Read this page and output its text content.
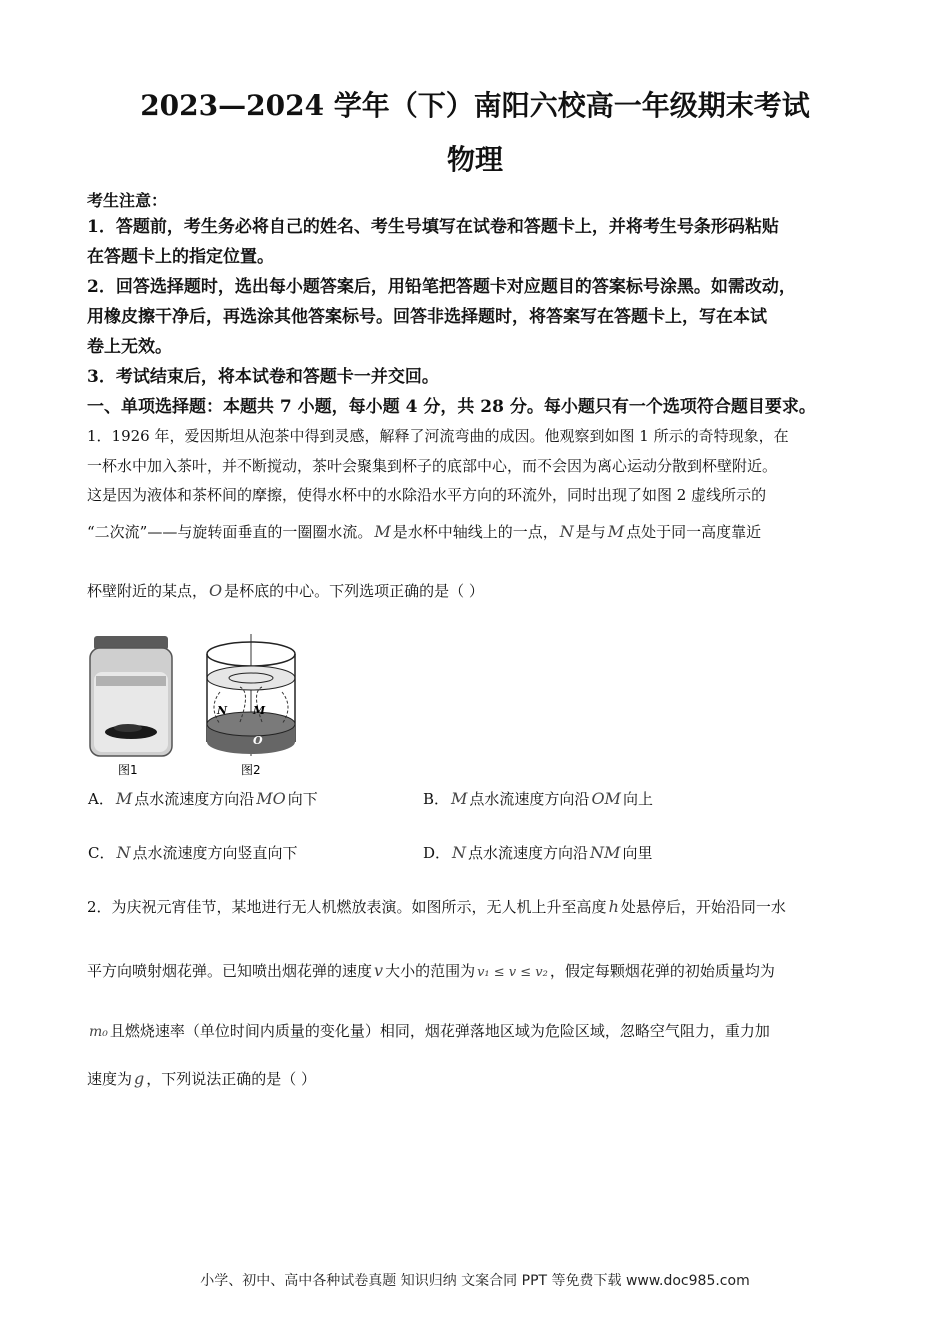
2023—2024 学年（下）南阳六校高一年级期末考试
物理
考生注意：
1．答题前，考生务必将自己的姓名、考生号填写在试卷和答题卡上，并将考生号条形码粘贴
在答题卡上的指定位置。
2．回答选择题时，选出每小题答案后，用铅笔把答题卡对应题目的答案标号涂黑。如需改动，
用橡皮擦干净后，再选涂其他答案标号。回答非选择题时，将答案写在答题卡上，写在本试
卷上无效。
3．考试结束后，将本试卷和答题卡一并交回。
一、单项选择题：本题共 7 小题，每小题 4 分，共 28 分。每小题只有一个选项符合题目要求。
1．1926 年，爱因斯坦从泡茶中得到灵感，解释了河流弯曲的成因。他观察到如图 1 所示的奇特现象，在
一杯水中加入茶叶，并不断搅动，茶叶会聚集到杯子的底部中心，而不会因为离心运动分散到杯壁附近。
这是因为液体和茶杯间的摩擦，使得水杯中的水除沿水平方向的环流外，同时出现了如图 2 虚线所示的
“二次流”——与旋转面垂直的一圈圈水流。 M 是水杯中轴线上的一点， N 是与 M 点处于同一高度靠近
杯壁附近的某点， O 是杯底的中心。下列选项正确的是（ ）
图1
N M
O
图2
A． M 点水流速度方向沿 MO 向下	B． M 点水流速度方向沿 OM 向上
C． N 点水流速度方向竖直向下	D． N 点水流速度方向沿 NM 向里
2．为庆祝元宵佳节，某地进行无人机燃放表演。如图所示，无人机上升至高度 h 处悬停后，开始沿同一水
平方向喷射烟花弹。已知喷出烟花弹的速度 v 大小的范围为 v₁ ≤ v ≤ v₂ ，假定每颗烟花弹的初始质量均为
m₀ 且燃烧速率（单位时间内质量的变化量）相同，烟花弹落地区域为危险区域，忽略空气阻力，重力加
速度为 g ，下列说法正确的是（ ）
小学、初中、高中各种试卷真题 知识归纳 文案合同 PPT 等免费下载 www.doc985.com
